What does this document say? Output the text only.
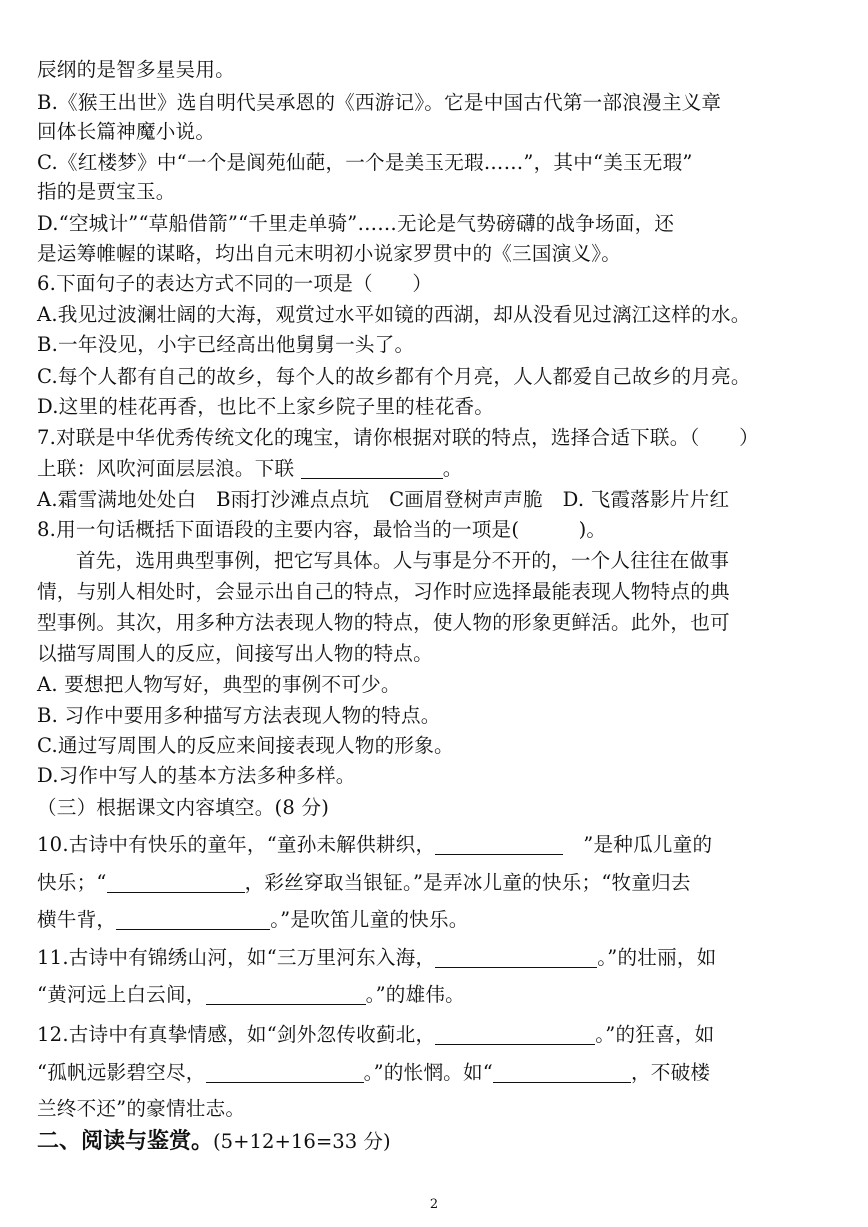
辰纲的是智多星吴用。
B.《猴王出世》选自明代吴承恩的《西游记》。它是中国古代第一部浪漫主义章
回体长篇神魔小说。
C.《红楼梦》中“一个是阆苑仙葩，一个是美玉无瑕……”，其中“美玉无瑕”
指的是贾宝玉。
D.“空城计”“草船借箭”“千里走单骑”……无论是气势磅礴的战争场面，还
是运筹帷幄的谋略，均出自元末明初小说家罗贯中的《三国演义》。
6.下面句子的表达方式不同的一项是（　　）
A.我见过波澜壮阔的大海，观赏过水平如镜的西湖，却从没看见过漓江这样的水。
B.一年没见，小宇已经高出他舅舅一头了。
C.每个人都有自己的故乡，每个人的故乡都有个月亮，人人都爱自己故乡的月亮。
D.这里的桂花再香，也比不上家乡院子里的桂花香。
7.对联是中华优秀传统文化的瑰宝，请你根据对联的特点，选择合适下联。（　　）
上联：风吹河面层层浪。下联	。
A.霜雪满地处处白　B雨打沙滩点点坑　C画眉登树声声脆　D. 飞霞落影片片红
8.用一句话概括下面语段的主要内容，最恰当的一项是(　　　)。
首先，选用典型事例，把它写具体。人与事是分不开的，一个人往往在做事
情，与别人相处时，会显示出自己的特点，习作时应选择最能表现人物特点的典
型事例。其次，用多种方法表现人物的特点，使人物的形象更鲜活。此外，也可
以描写周围人的反应，间接写出人物的特点。
A. 要想把人物写好，典型的事例不可少。
B. 习作中要用多种描写方法表现人物的特点。
C.通过写周围人的反应来间接表现人物的形象。
D.习作中写人的基本方法多种多样。
（三）根据课文内容填空。(8 分)
10.古诗中有快乐的童年，“童孙未解供耕织，	”是种瓜儿童的
快乐；“	，彩丝穿取当银钲。”是弄冰儿童的快乐；“牧童归去
横牛背，	。”是吹笛儿童的快乐。
11.古诗中有锦绣山河，如“三万里河东入海，	。”的壮丽，如
“黄河远上白云间，	。”的雄伟。
12.古诗中有真挚情感，如“剑外忽传收蓟北，	。”的狂喜，如
“孤帆远影碧空尽，	。”的怅惘。如“	，不破楼
兰终不还”的豪情壮志。
二、阅读与鉴赏。(5+12+16=33 分)
2
